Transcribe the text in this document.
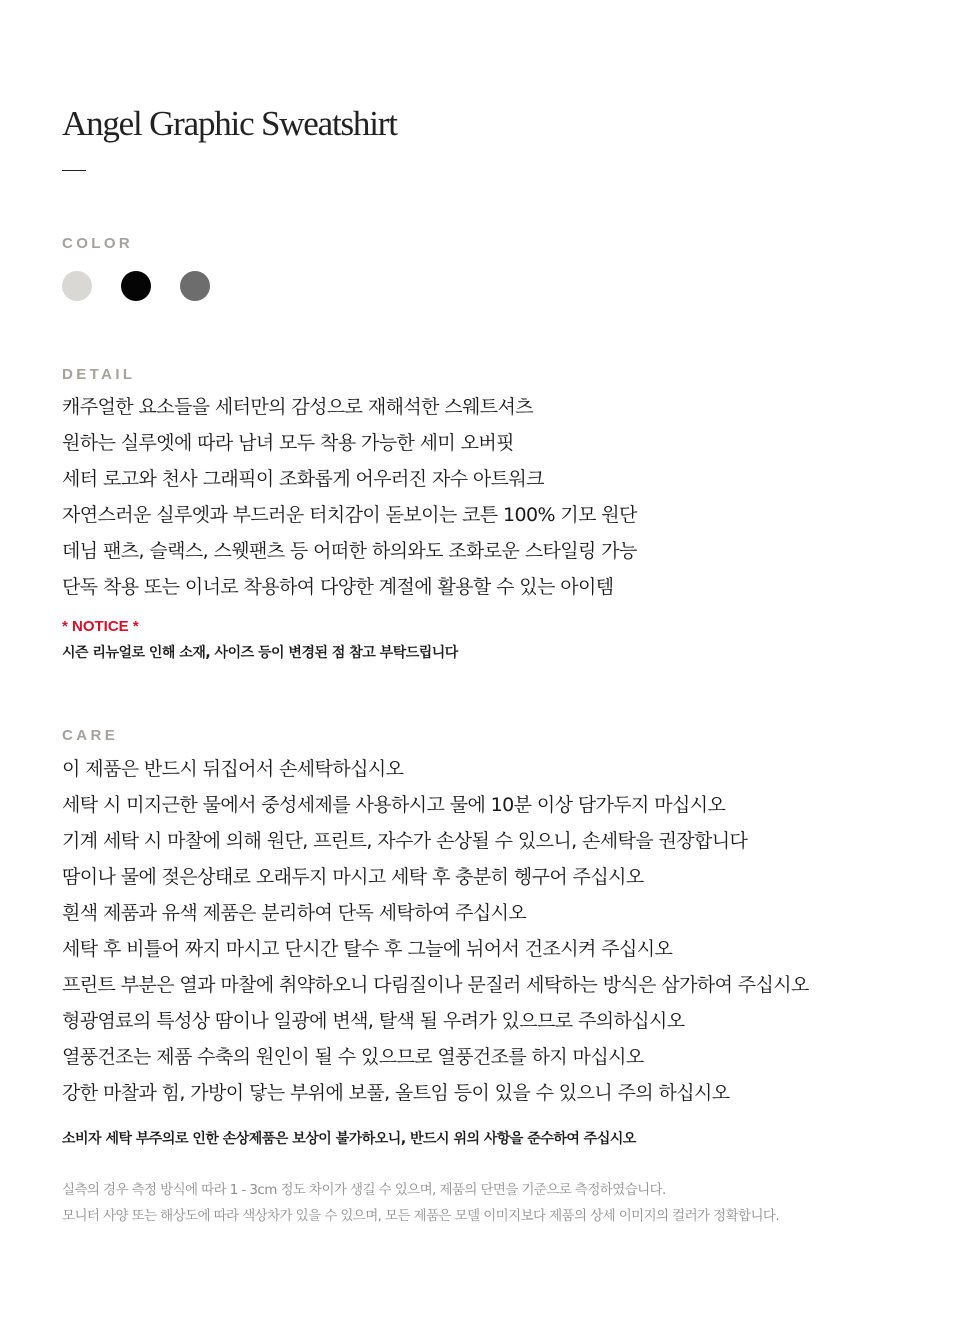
Angel Graphic Sweatshirt
COLOR
DETAIL
캐주얼한 요소들을 세터만의 감성으로 재해석한 스웨트셔츠
원하는 실루엣에 따라 남녀 모두 착용 가능한 세미 오버핏
세터 로고와 천사 그래픽이 조화롭게 어우러진 자수 아트워크
자연스러운 실루엣과 부드러운 터치감이 돋보이는 코튼 100% 기모 원단
데님 팬츠, 슬랙스, 스웻팬츠 등 어떠한 하의와도 조화로운 스타일링 가능
단독 착용 또는 이너로 착용하여 다양한 계절에 활용할 수 있는 아이템
* NOTICE *
시즌 리뉴얼로 인해 소재, 사이즈 등이 변경된 점 참고 부탁드립니다
CARE
이 제품은 반드시 뒤집어서 손세탁하십시오
세탁 시 미지근한 물에서 중성세제를 사용하시고 물에 10분 이상 담가두지 마십시오
기계 세탁 시 마찰에 의해 원단, 프린트, 자수가 손상될 수 있으니, 손세탁을 권장합니다
땀이나 물에 젖은상태로 오래두지 마시고 세탁 후 충분히 헹구어 주십시오
흰색 제품과 유색 제품은 분리하여 단독 세탁하여 주십시오
세탁 후 비틀어 짜지 마시고 단시간 탈수 후 그늘에 뉘어서 건조시켜 주십시오
프린트 부분은 열과 마찰에 취약하오니 다림질이나 문질러 세탁하는 방식은 삼가하여 주십시오
형광염료의 특성상 땀이나 일광에 변색, 탈색 될 우려가 있으므로 주의하십시오
열풍건조는 제품 수축의 원인이 될 수 있으므로 열풍건조를 하지 마십시오
강한 마찰과 힘, 가방이 닿는 부위에 보풀, 올트임 등이 있을 수 있으니 주의 하십시오
소비자 세탁 부주의로 인한 손상제품은 보상이 불가하오니, 반드시 위의 사항을 준수하여 주십시오
실측의 경우 측정 방식에 따라 1 - 3cm 정도 차이가 생길 수 있으며, 제품의 단면을 기준으로 측정하였습니다.
모니터 사양 또는 해상도에 따라 색상차가 있을 수 있으며, 모든 제품은 모델 이미지보다 제품의 상세 이미지의 컬러가 정확합니다.
